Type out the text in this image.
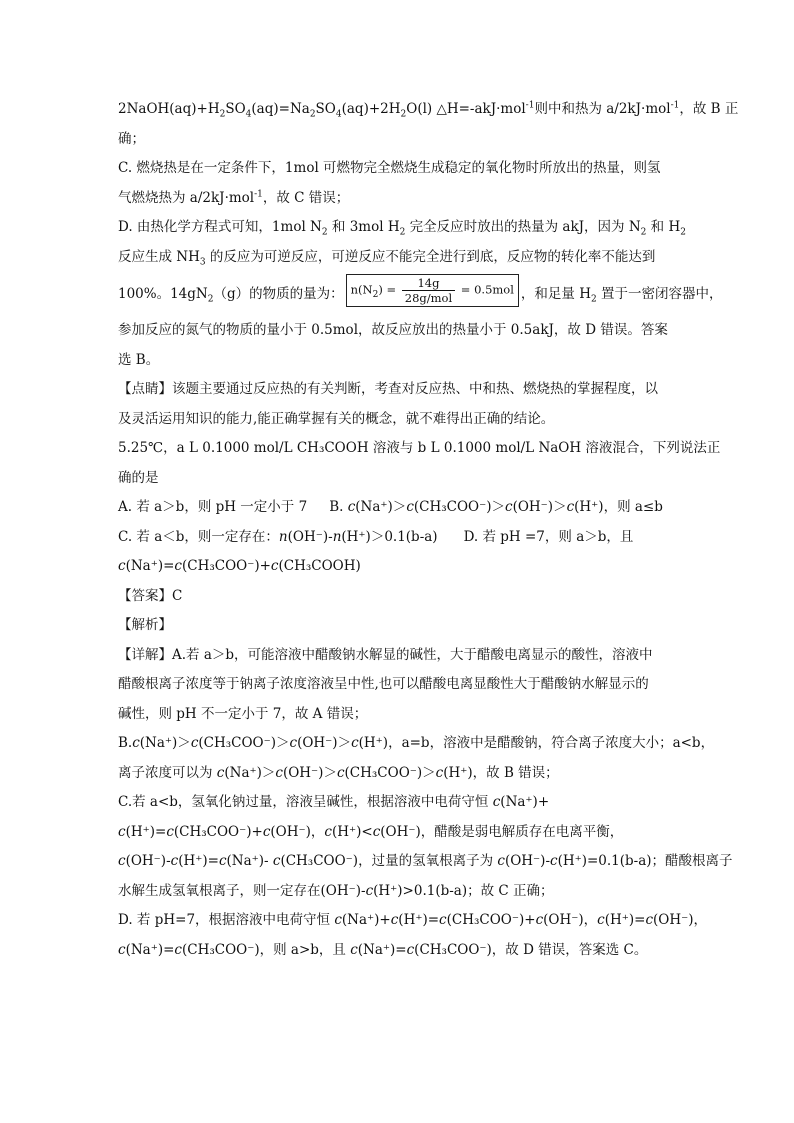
$2NaOH(aq)+H_2SO_4(aq)=Na_2SO_4(aq)+2H_2O(l)$ △H=-akJ·mol$^{-1}$则中和热为 a/2kJ·mol$^{-1}$，故 B 正
确；
C. 燃烧热是在一定条件下，1mol 可燃物完全燃烧生成稳定的氧化物时所放出的热量，则氢
气燃烧热为 a/2kJ·mol$^{-1}$，故 C 错误；
D. 由热化学方程式可知，1mol $N_2$ 和 3mol $H_2$ 完全反应时放出的热量为 akJ，因为 $N_2$ 和 $H_2$
反应生成 $NH_3$ 的反应为可逆反应，可逆反应不能完全进行到底，反应物的转化率不能达到
100%。$14gN_2(g)$的物质的量为： $n(N_2) = \frac{14g}{\text{28g/mol}} = 0.5mol$ ，和足量 $H_2$ 置于一密闭容器中，
参加反应的氮气的物质的量小于 0.5mol，故反应放出的热量小于 0.5akJ，故 D 错误。答案
选 B。
【点睛】该题主要通过反应热的有关判断，考查对反应热、中和热、燃烧热的掌握程度，以
及灵活运用知识的能力,能正确掌握有关的概念，就不难得出正确的结论。
5.25℃，a L 0.1000 mol/L CH₃COOH 溶液与 b L 0.1000 mol/L NaOH 溶液混合，下列说法正
确的是
A. 若 a＞b，则 pH 一定小于 7 B. c(Na⁺)＞c(CH₃COO⁻)＞c(OH⁻)＞c(H⁺)，则 a≤b
C. 若 a＜b，则一定存在：n(OH⁻)-n(H⁺)＞0.1(b-a) D. 若 pH =7，则 a＞b，且
c(Na⁺)=c(CH₃COO⁻)+c(CH₃COOH)
【答案】C
【解析】
【详解】A.若 a＞b，可能溶液中醋酸钠水解显的碱性，大于醋酸电离显示的酸性，溶液中
醋酸根离子浓度等于钠离子浓度溶液呈中性,也可以醋酸电离显酸性大于醋酸钠水解显示的
碱性，则 pH 不一定小于 7，故 A 错误；
B.c(Na⁺)＞c(CH₃COO⁻)＞c(OH⁻)＞c(H⁺)，a=b，溶液中是醋酸钠，符合离子浓度大小；a<b，
离子浓度可以为 c(Na⁺)＞c(OH⁻)＞c(CH₃COO⁻)＞c(H⁺)，故 B 错误；
C.若 a<b，氢氧化钠过量，溶液呈碱性，根据溶液中电荷守恒 c(Na⁺)+
c(H⁺)=c(CH₃COO⁻)+c(OH⁻)，c(H⁺)<c(OH⁻)，醋酸是弱电解质存在电离平衡，
c(OH⁻)-c(H⁺)=c(Na⁺)- c(CH₃COO⁻)，过量的氢氧根离子为 c(OH⁻)-c(H⁺)=0.1(b-a)；醋酸根离子
水解生成氢氧根离子，则一定存在(OH⁻)-c(H⁺)>0.1(b-a)；故 C 正确；
D. 若 pH=7，根据溶液中电荷守恒 c(Na⁺)+c(H⁺)=c(CH₃COO⁻)+c(OH⁻)，c(H⁺)=c(OH⁻)，
c(Na⁺)=c(CH₃COO⁻)，则 a>b，且 c(Na⁺)=c(CH₃COO⁻)，故 D 错误，答案选 C。
